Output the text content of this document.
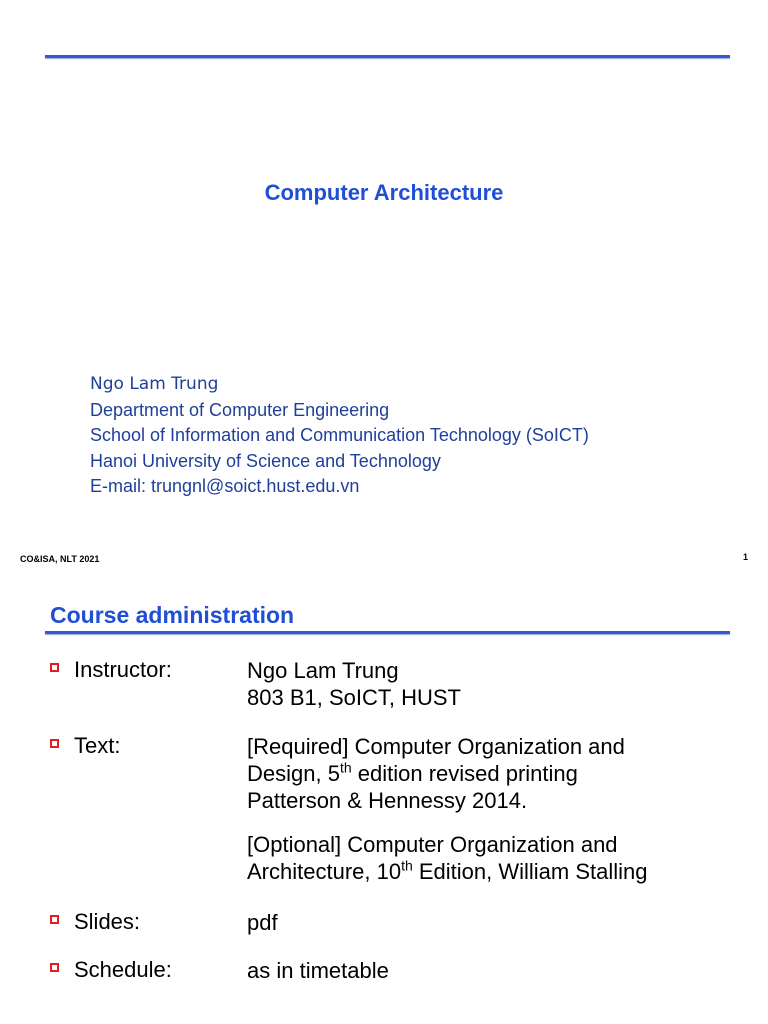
Computer Architecture
Ngo Lam Trung
Department of Computer Engineering
School of Information and Communication Technology (SoICT)
Hanoi University of Science and Technology
E-mail: trungnl@soict.hust.edu.vn
CO&ISA, NLT 2021	1
Course administration
Instructor:	Ngo Lam Trung
803 B1, SoICT, HUST
Text:	[Required] Computer Organization and
Design, 5th edition revised printing
Patterson & Hennessy 2014.
[Optional] Computer Organization and
Architecture, 10th Edition, William Stalling
Slides:	pdf
Schedule:	as in timetable
